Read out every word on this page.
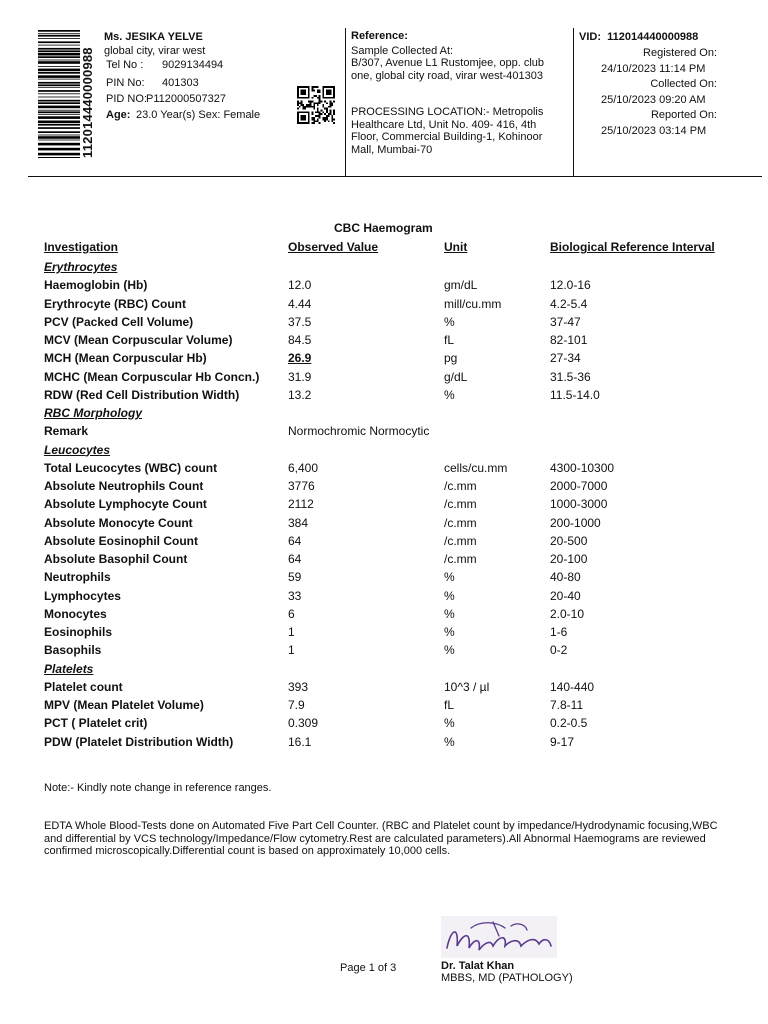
112014440000988
Ms. JESIKA YELVE
global city, virar west
Tel No : 9029134494
PIN No: 401303
PID NO:P112000507327
Age: 23.0 Year(s) Sex: Female
Reference:
Sample Collected At:
B/307, Avenue L1 Rustomjee, opp. club one, global city road, virar west-401303
PROCESSING LOCATION:- Metropolis Healthcare Ltd, Unit No. 409- 416, 4th Floor, Commercial Building-1, Kohinoor Mall, Mumbai-70
VID: 112014440000988
Registered On:
24/10/2023 11:14 PM
Collected On:
25/10/2023 09:20 AM
Reported On:
25/10/2023 03:14 PM
CBC Haemogram
Investigation	Observed Value	Unit	Biological Reference Interval
Erythrocytes
Haemoglobin (Hb)	12.0	gm/dL	12.0-16
Erythrocyte (RBC) Count	4.44	mill/cu.mm	4.2-5.4
PCV (Packed Cell Volume)	37.5	%	37-47
MCV (Mean Corpuscular Volume)	84.5	fL	82-101
MCH (Mean Corpuscular Hb)	26.9	pg	27-34
MCHC (Mean Corpuscular Hb Concn.) 31.9	g/dL	31.5-36
RDW (Red Cell Distribution Width)	13.2	%	11.5-14.0
RBC Morphology
Remark	Normochromic Normocytic
Leucocytes
Total Leucocytes (WBC) count	6,400	cells/cu.mm	4300-10300
Absolute Neutrophils Count	3776	/c.mm	2000-7000
Absolute Lymphocyte Count	2112	/c.mm	1000-3000
Absolute Monocyte Count	384	/c.mm	200-1000
Absolute Eosinophil Count	64	/c.mm	20-500
Absolute Basophil Count	64	/c.mm	20-100
Neutrophils	59	%	40-80
Lymphocytes	33	%	20-40
Monocytes	6	%	2.0-10
Eosinophils	1	%	1-6
Basophils	1	%	0-2
Platelets
Platelet count	393	10^3 / µl	140-440
MPV (Mean Platelet Volume)	7.9	fL	7.8-11
PCT ( Platelet crit)	0.309	%	0.2-0.5
PDW (Platelet Distribution Width)	16.1	%	9-17
Note:- Kindly note change in reference ranges.
EDTA Whole Blood-Tests done on Automated Five Part Cell Counter. (RBC and Platelet count by impedance/Hydrodynamic focusing,WBC and differential by VCS technology/Impedance/Flow cytometry.Rest are calculated parameters).All Abnormal Haemograms are reviewed confirmed microscopically.Differential count is based on approximately 10,000 cells.
Page 1 of 3	Dr. Talat Khan
MBBS, MD (PATHOLOGY)
